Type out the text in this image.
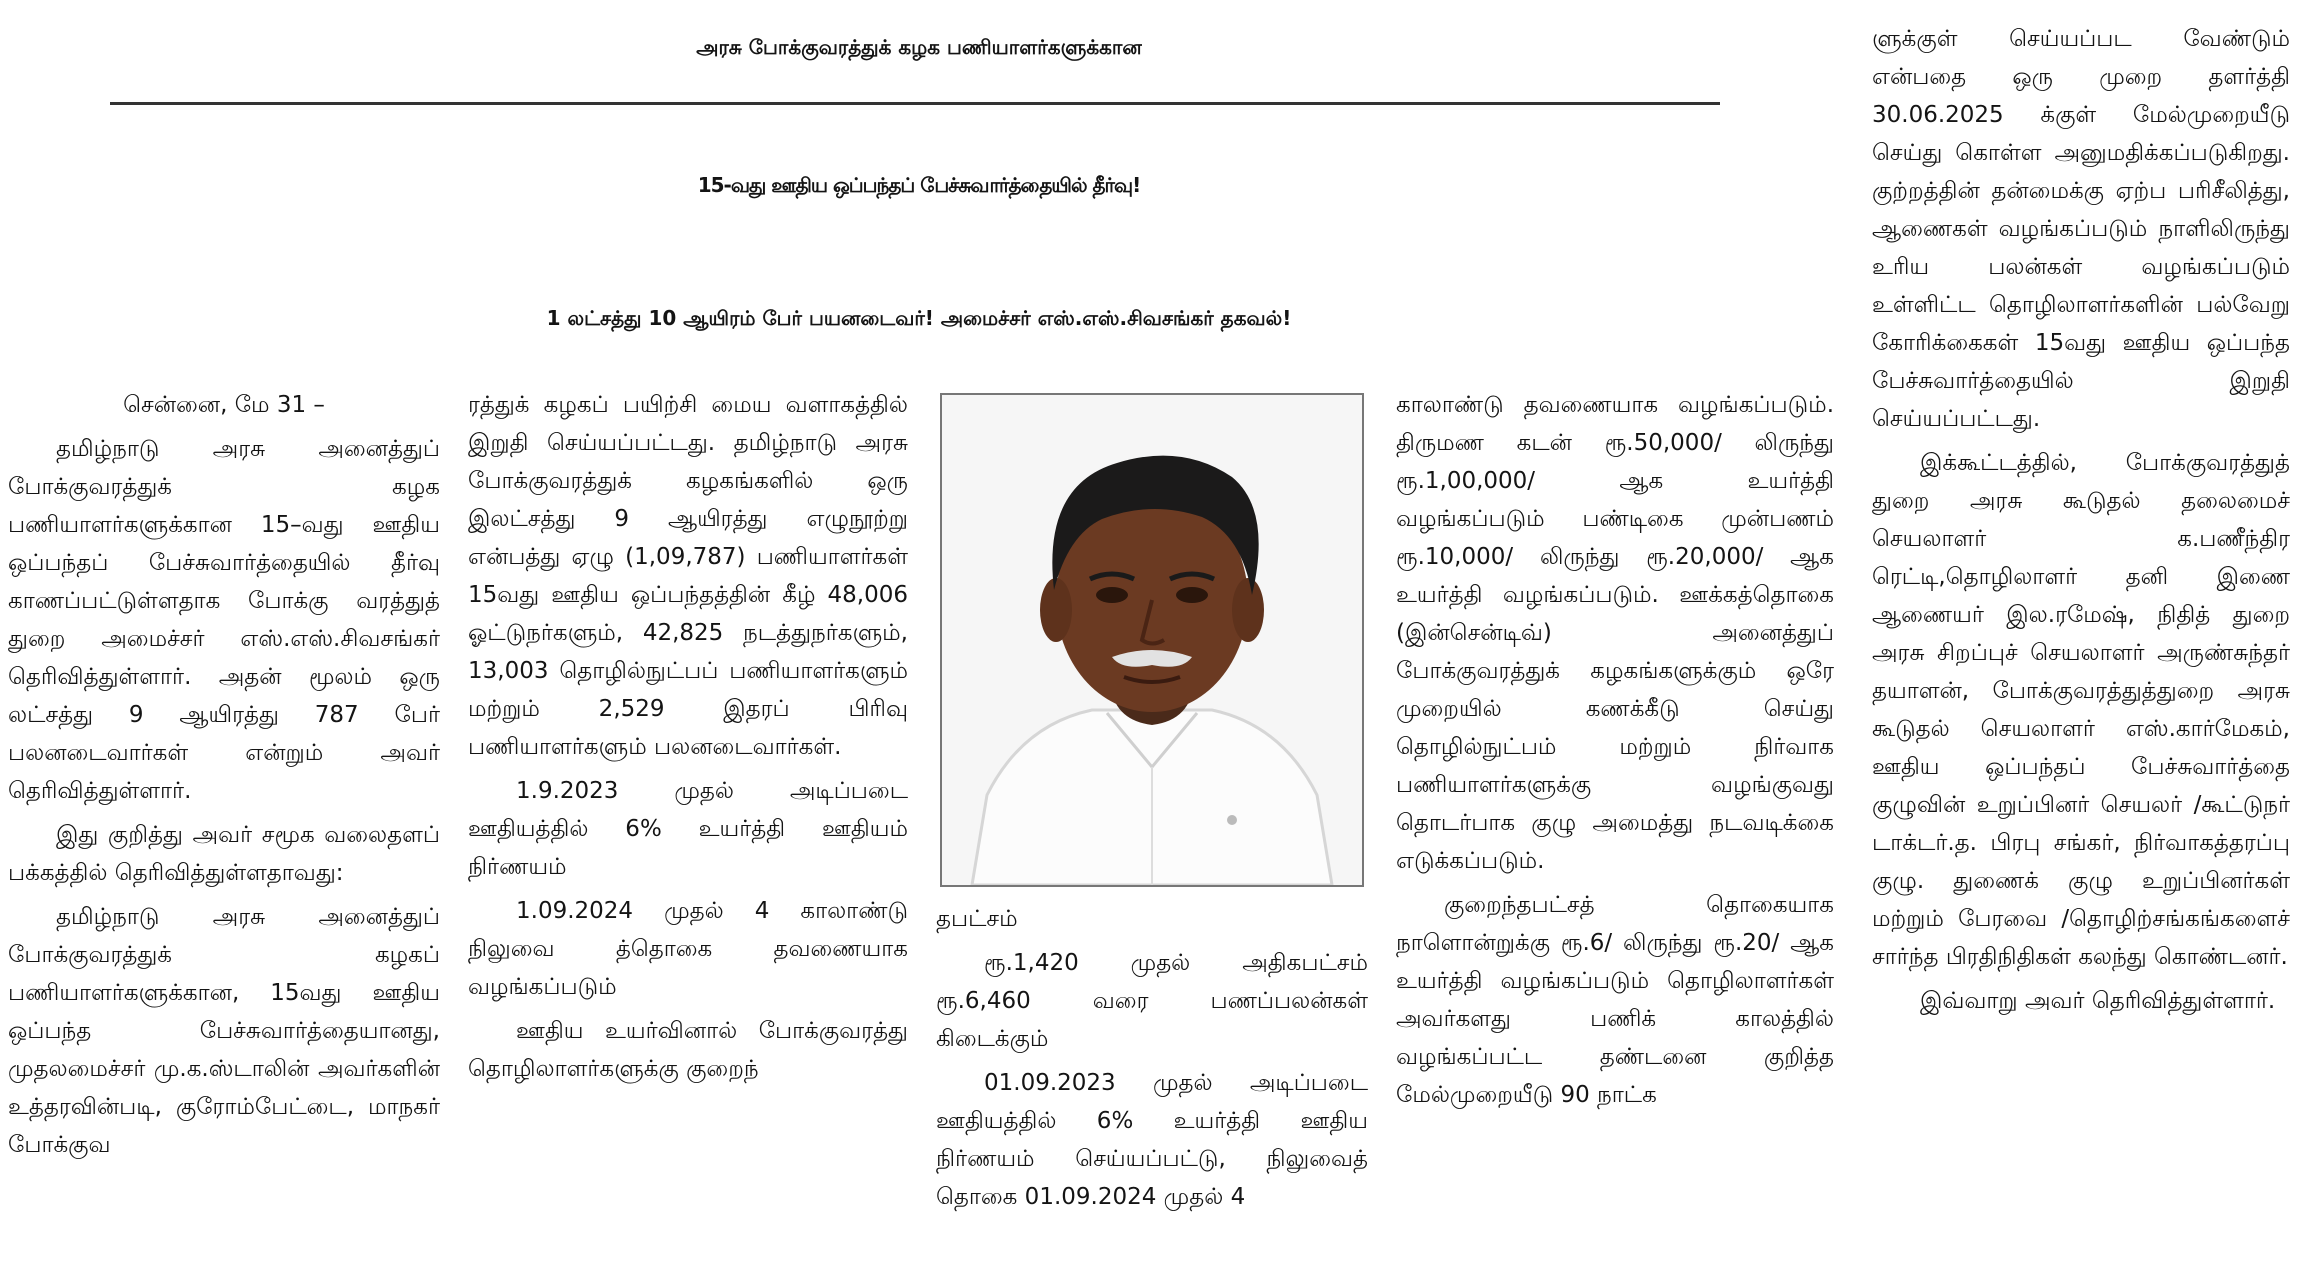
அரசு போக்குவரத்துக் கழக பணியாளர்களுக்கான
15-வது ஊதிய ஒப்பந்தப் பேச்சுவார்த்தையில் தீர்வு!
1 லட்சத்து 10 ஆயிரம் பேர் பயனடைவர்! அமைச்சர் எஸ்.எஸ்.சிவசங்கர் தகவல்!

சென்னை, மே 31 –

தமிழ்நாடு அரசு அனைத்துப் போக்குவரத்துக் கழக பணியாளர்களுக்கான 15–வது ஊதிய ஒப்பந்தப் பேச்சுவார்த்தையில் தீர்வு காணப்பட்டுள்ளதாக போக்கு வரத்துத் துறை அமைச்சர் எஸ்.எஸ்.சிவசங்கர் தெரிவித்துள்ளார். அதன் மூலம் ஒரு லட்சத்து 9 ஆயிரத்து 787 பேர் பலனடைவார்கள் என்றும் அவர் தெரிவித்துள்ளார்.

இது குறித்து அவர் சமூக வலைதளப் பக்கத்தில் தெரிவித்துள்ளதாவது:

தமிழ்நாடு அரசு அனைத்துப் போக்குவரத்துக் கழகப் பணியாளர்களுக்கான, 15வது ஊதிய ஒப்பந்த பேச்சுவார்த்தையானது, முதலமைச்சர் மு.க.ஸ்டாலின் அவர்களின் உத்தரவின்படி, குரோம்பேட்டை, மாநகர் போக்குவ

ரத்துக் கழகப் பயிற்சி மைய வளாகத்தில் இறுதி செய்யப்பட்டது. தமிழ்நாடு அரசு போக்குவரத்துக் கழகங்களில் ஒரு இலட்சத்து 9 ஆயிரத்து எழுநூற்று என்பத்து ஏழு (1,09,787) பணியாளர்கள் 15வது ஊதிய ஒப்பந்தத்தின் கீழ் 48,006 ஓட்டுநர்களும், 42,825 நடத்துநர்களும், 13,003 தொழில்நுட்பப் பணியாளர்களும் மற்றும் 2,529 இதரப் பிரிவு பணியாளர்களும் பலனடைவார்கள்.

1.9.2023 முதல் அடிப்படை ஊதியத்தில் 6% உயர்த்தி ஊதியம் நிர்ணயம்

1.09.2024 முதல் 4 காலாண்டு நிலுவை த்தொகை தவணையாக வழங்கப்படும்

ஊதிய உயர்வினால் போக்குவரத்து தொழிலாளர்களுக்கு குறைந்

தபட்சம்

ரூ.1,420 முதல் அதிகபட்சம் ரூ.6,460 வரை பணப்பலன்கள் கிடைக்கும்

01.09.2023 முதல் அடிப்படை ஊதியத்தில் 6% உயர்த்தி ஊதிய நிர்ணயம் செய்யப்பட்டு, நிலுவைத் தொகை 01.09.2024 முதல் 4

காலாண்டு தவணையாக வழங்கப்படும். திருமண கடன் ரூ.50,000/ லிருந்து ரூ.1,00,000/ ஆக உயர்த்தி வழங்கப்படும் பண்டிகை முன்பணம் ரூ.10,000/ லிருந்து ரூ.20,000/ ஆக உயர்த்தி வழங்கப்படும். ஊக்கத்தொகை (இன்சென்டிவ்) அனைத்துப் போக்குவரத்துக் கழகங்களுக்கும் ஒரே முறையில் கணக்கீடு செய்து தொழில்நுட்பம் மற்றும் நிர்வாக பணியாளர்களுக்கு வழங்குவது தொடர்பாக குழு அமைத்து நடவடிக்கை எடுக்கப்படும்.

குறைந்தபட்சத் தொகையாக நாளொன்றுக்கு ரூ.6/ லிருந்து ரூ.20/ ஆக உயர்த்தி வழங்கப்படும் தொழிலாளர்கள் அவர்களது பணிக் காலத்தில் வழங்கப்பட்ட தண்டனை குறித்த மேல்முறையீடு 90 நாட்க

ளுக்குள் செய்யப்பட வேண்டும் என்பதை ஒரு முறை தளர்த்தி 30.06.2025 க்குள் மேல்முறையீடு செய்து கொள்ள அனுமதிக்கப்படுகிறது. குற்றத்தின் தன்மைக்கு ஏற்ப பரிசீலித்து, ஆணைகள் வழங்கப்படும் நாளிலிருந்து உரிய பலன்கள் வழங்கப்படும் உள்ளிட்ட தொழிலாளர்களின் பல்வேறு கோரிக்கைகள் 15வது ஊதிய ஒப்பந்த பேச்சுவார்த்தையில் இறுதி செய்யப்பட்டது.

இக்கூட்டத்தில், போக்குவரத்துத் துறை அரசு கூடுதல் தலைமைச் செயலாளர் க.பணீந்திர ரெட்டி,தொழிலாளர் தனி இணை ஆணையர் இல.ரமேஷ், நிதித் துறை அரசு சிறப்புச் செயலாளர் அருண்சுந்தர் தயாளன், போக்குவரத்துத்துறை அரசு கூடுதல் செயலாளர் எஸ்.கார்மேகம், ஊதிய ஒப்பந்தப் பேச்சுவார்த்தை குழுவின் உறுப்பினர் செயலர் /கூட்டுநர் டாக்டர்.த. பிரபு சங்கர், நிர்வாகத்தரப்பு குழு. துணைக் குழு உறுப்பினர்கள் மற்றும் பேரவை /தொழிற்சங்கங்களைச் சார்ந்த பிரதிநிதிகள் கலந்து கொண்டனர்.

இவ்வாறு அவர் தெரிவித்துள்ளார்.
